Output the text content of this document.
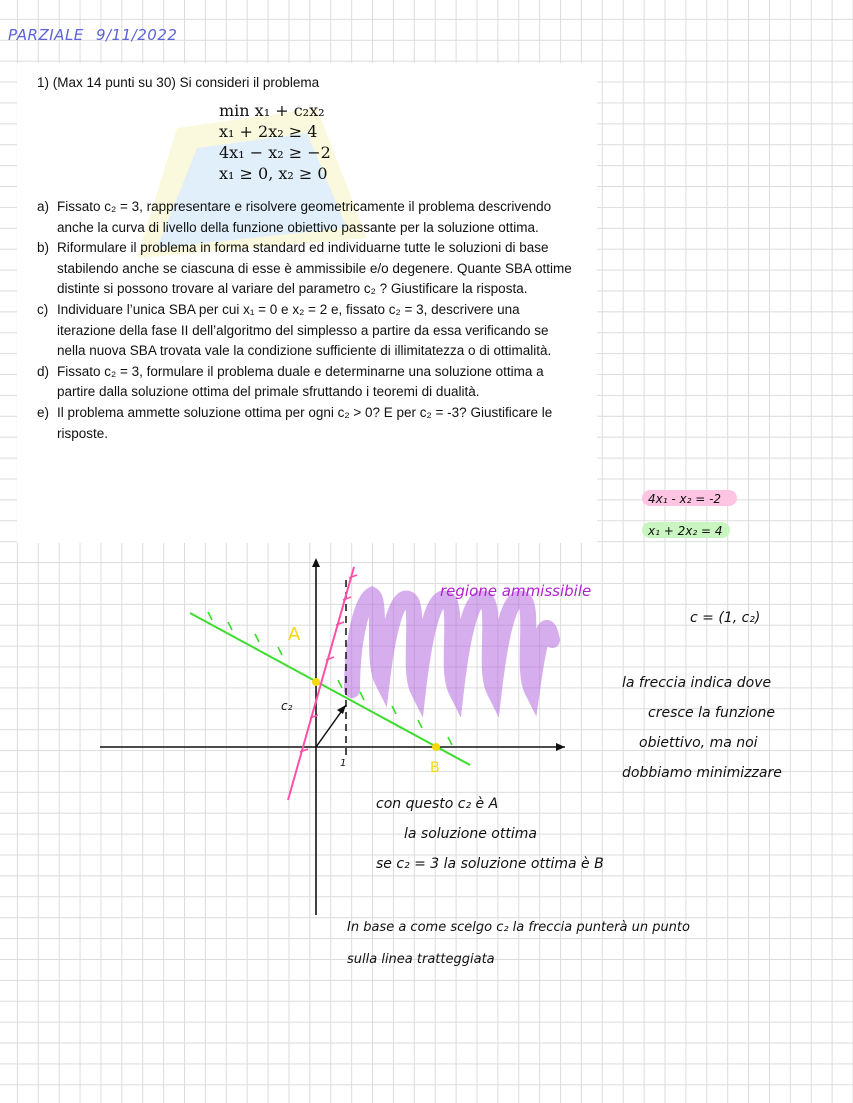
PARZIALE 9/11/2022
1) (Max 14 punti su 30) Si consideri il problema
min x₁ + c₂x₂
x₁ + 2x₂ ≥ 4
4x₁ − x₂ ≥ −2
x₁ ≥ 0, x₂ ≥ 0
a) Fissato c₂ = 3, rappresentare e risolvere geometricamente il problema descrivendo anche la curva di livello della funzione obiettivo passante per la soluzione ottima.
b) Riformulare il problema in forma standard ed individuarne tutte le soluzioni di base stabilendo anche se ciascuna di esse è ammissibile e/o degenere. Quante SBA ottime distinte si possono trovare al variare del parametro c₂ ? Giustificare la risposta.
c) Individuare l’unica SBA per cui x₁ = 0 e x₂ = 2 e, fissato c₂ = 3, descrivere una iterazione della fase II dell’algoritmo del simplesso a partire da essa verificando se nella nuova SBA trovata vale la condizione sufficiente di illimitatezza o di ottimalità.
d) Fissato c₂ = 3, formulare il problema duale e determinarne una soluzione ottima a partire dalla soluzione ottima del primale sfruttando i teoremi di dualità.
e) Il problema ammette soluzione ottima per ogni c₂ > 0? E per c₂ = -3? Giustificare le risposte.
4x₁ - x₂ = -2
x₁ + 2x₂ = 4
A
B
c₂
1
regione ammissibile
c = (1, c₂)
la freccia indica dove
cresce la funzione
obiettivo, ma noi
dobbiamo minimizzare
con questo c₂ è A
la soluzione ottima
se c₂ = 3 la soluzione ottima è B
In base a come scelgo c₂ la freccia punterà un punto
sulla linea tratteggiata
